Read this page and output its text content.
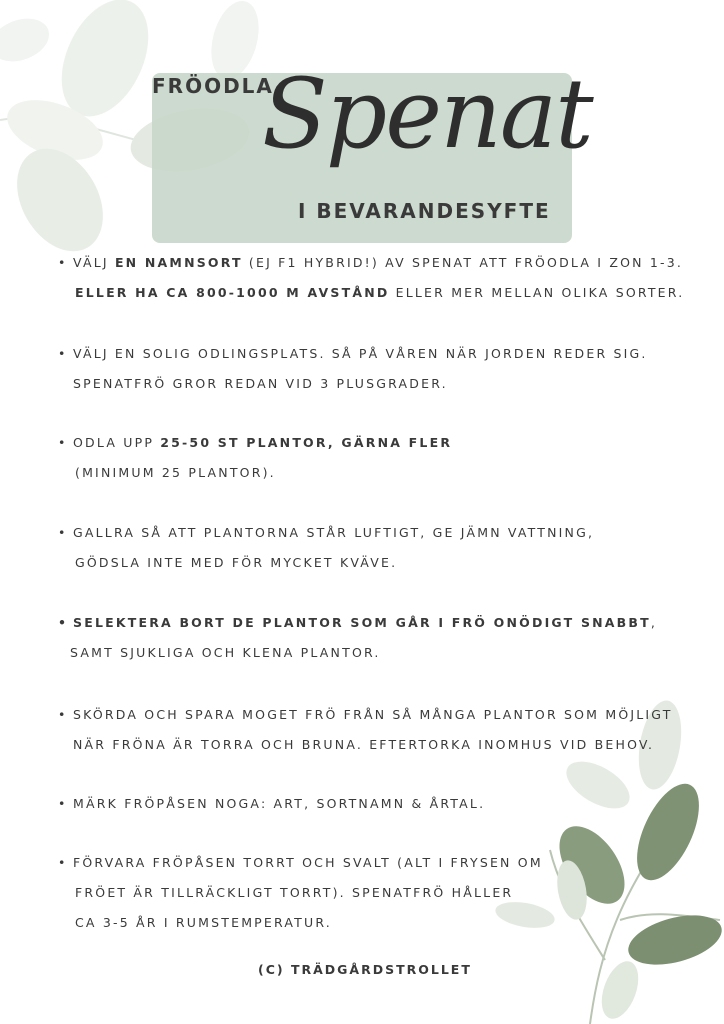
FRÖODLA
Spenat
I BEVARANDESYFTE
• VÄLJ EN NAMNSORT (EJ F1 HYBRID!) AV SPENAT ATT FRÖODLA I ZON 1-3.
ELLER HA CA 800-1000 M AVSTÅND ELLER MER MELLAN OLIKA SORTER.
• VÄLJ EN SOLIG ODLINGSPLATS. SÅ PÅ VÅREN NÄR JORDEN REDER SIG.
SPENATFRÖ GROR REDAN VID 3 PLUSGRADER.
• ODLA UPP 25-50 ST PLANTOR, GÄRNA FLER
(MINIMUM 25 PLANTOR).
• GALLRA SÅ ATT PLANTORNA STÅR LUFTIGT, GE JÄMN VATTNING,
GÖDSLA INTE MED FÖR MYCKET KVÄVE.
• SELEKTERA BORT DE PLANTOR SOM GÅR I FRÖ ONÖDIGT SNABBT,
SAMT SJUKLIGA OCH KLENA PLANTOR.
• SKÖRDA OCH SPARA MOGET FRÖ FRÅN SÅ MÅNGA PLANTOR SOM MÖJLIGT
NÄR FRÖNA ÄR TORRA OCH BRUNA. EFTERTORKA INOMHUS VID BEHOV.
• MÄRK FRÖPÅSEN NOGA: ART, SORTNAMN & ÅRTAL.
• FÖRVARA FRÖPÅSEN TORRT OCH SVALT (ALT I FRYSEN OM
FRÖET ÄR TILLRÄCKLIGT TORRT). SPENATFRÖ HÅLLER
CA 3-5 ÅR I RUMSTEMPERATUR.
(C) TRÄDGÅRDSTROLLET
